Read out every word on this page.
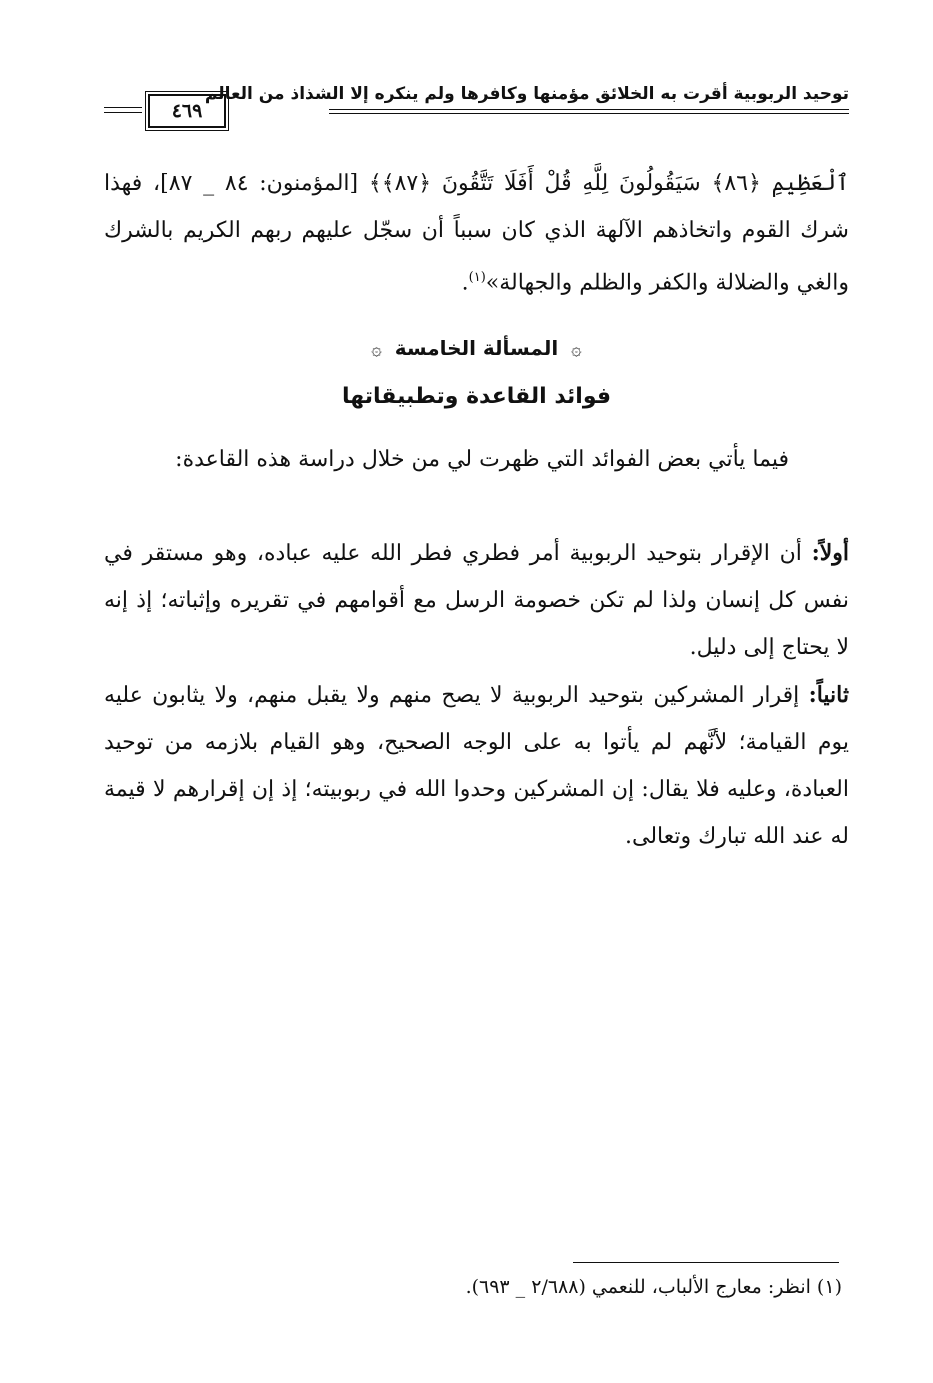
توحيد الربوبية أقرت به الخلائق مؤمنها وكافرها ولم ينكره إلا الشذاذ من العالم
٤٦٩
ٱلْعَظِيمِ ﴿٨٦﴾ سَيَقُولُونَ لِلَّهِ قُلْ أَفَلَا تَتَّقُونَ ﴿٨٧﴾﴾ [المؤمنون: ٨٤ _ ٨٧]، فهذا شرك القوم واتخاذهم الآلهة الذي كان سبباً أن سجّل عليهم ربهم الكريم بالشرك والغي والضلالة والكفر والظلم والجهالة»$^{(١)}$.
۞ المسألة الخامسة ۞
فوائد القاعدة وتطبيقاتها
فيما يأتي بعض الفوائد التي ظهرت لي من خلال دراسة هذه القاعدة:
أولاً: أن الإقرار بتوحيد الربوبية أمر فطري فطر الله عليه عباده، وهو مستقر في نفس كل إنسان ولذا لم تكن خصومة الرسل مع أقوامهم في تقريره وإثباته؛ إذ إنه لا يحتاج إلى دليل.
ثانياً: إقرار المشركين بتوحيد الربوبية لا يصح منهم ولا يقبل منهم، ولا يثابون عليه يوم القيامة؛ لأنَّهم لم يأتوا به على الوجه الصحيح، وهو القيام بلازمه من توحيد العبادة، وعليه فلا يقال: إن المشركين وحدوا الله في ربوبيته؛ إذ إن إقرارهم لا قيمة له عند الله تبارك وتعالى.
(١) انظر: معارج الألباب، للنعمي (٢/٦٨٨ _ ٦٩٣).
